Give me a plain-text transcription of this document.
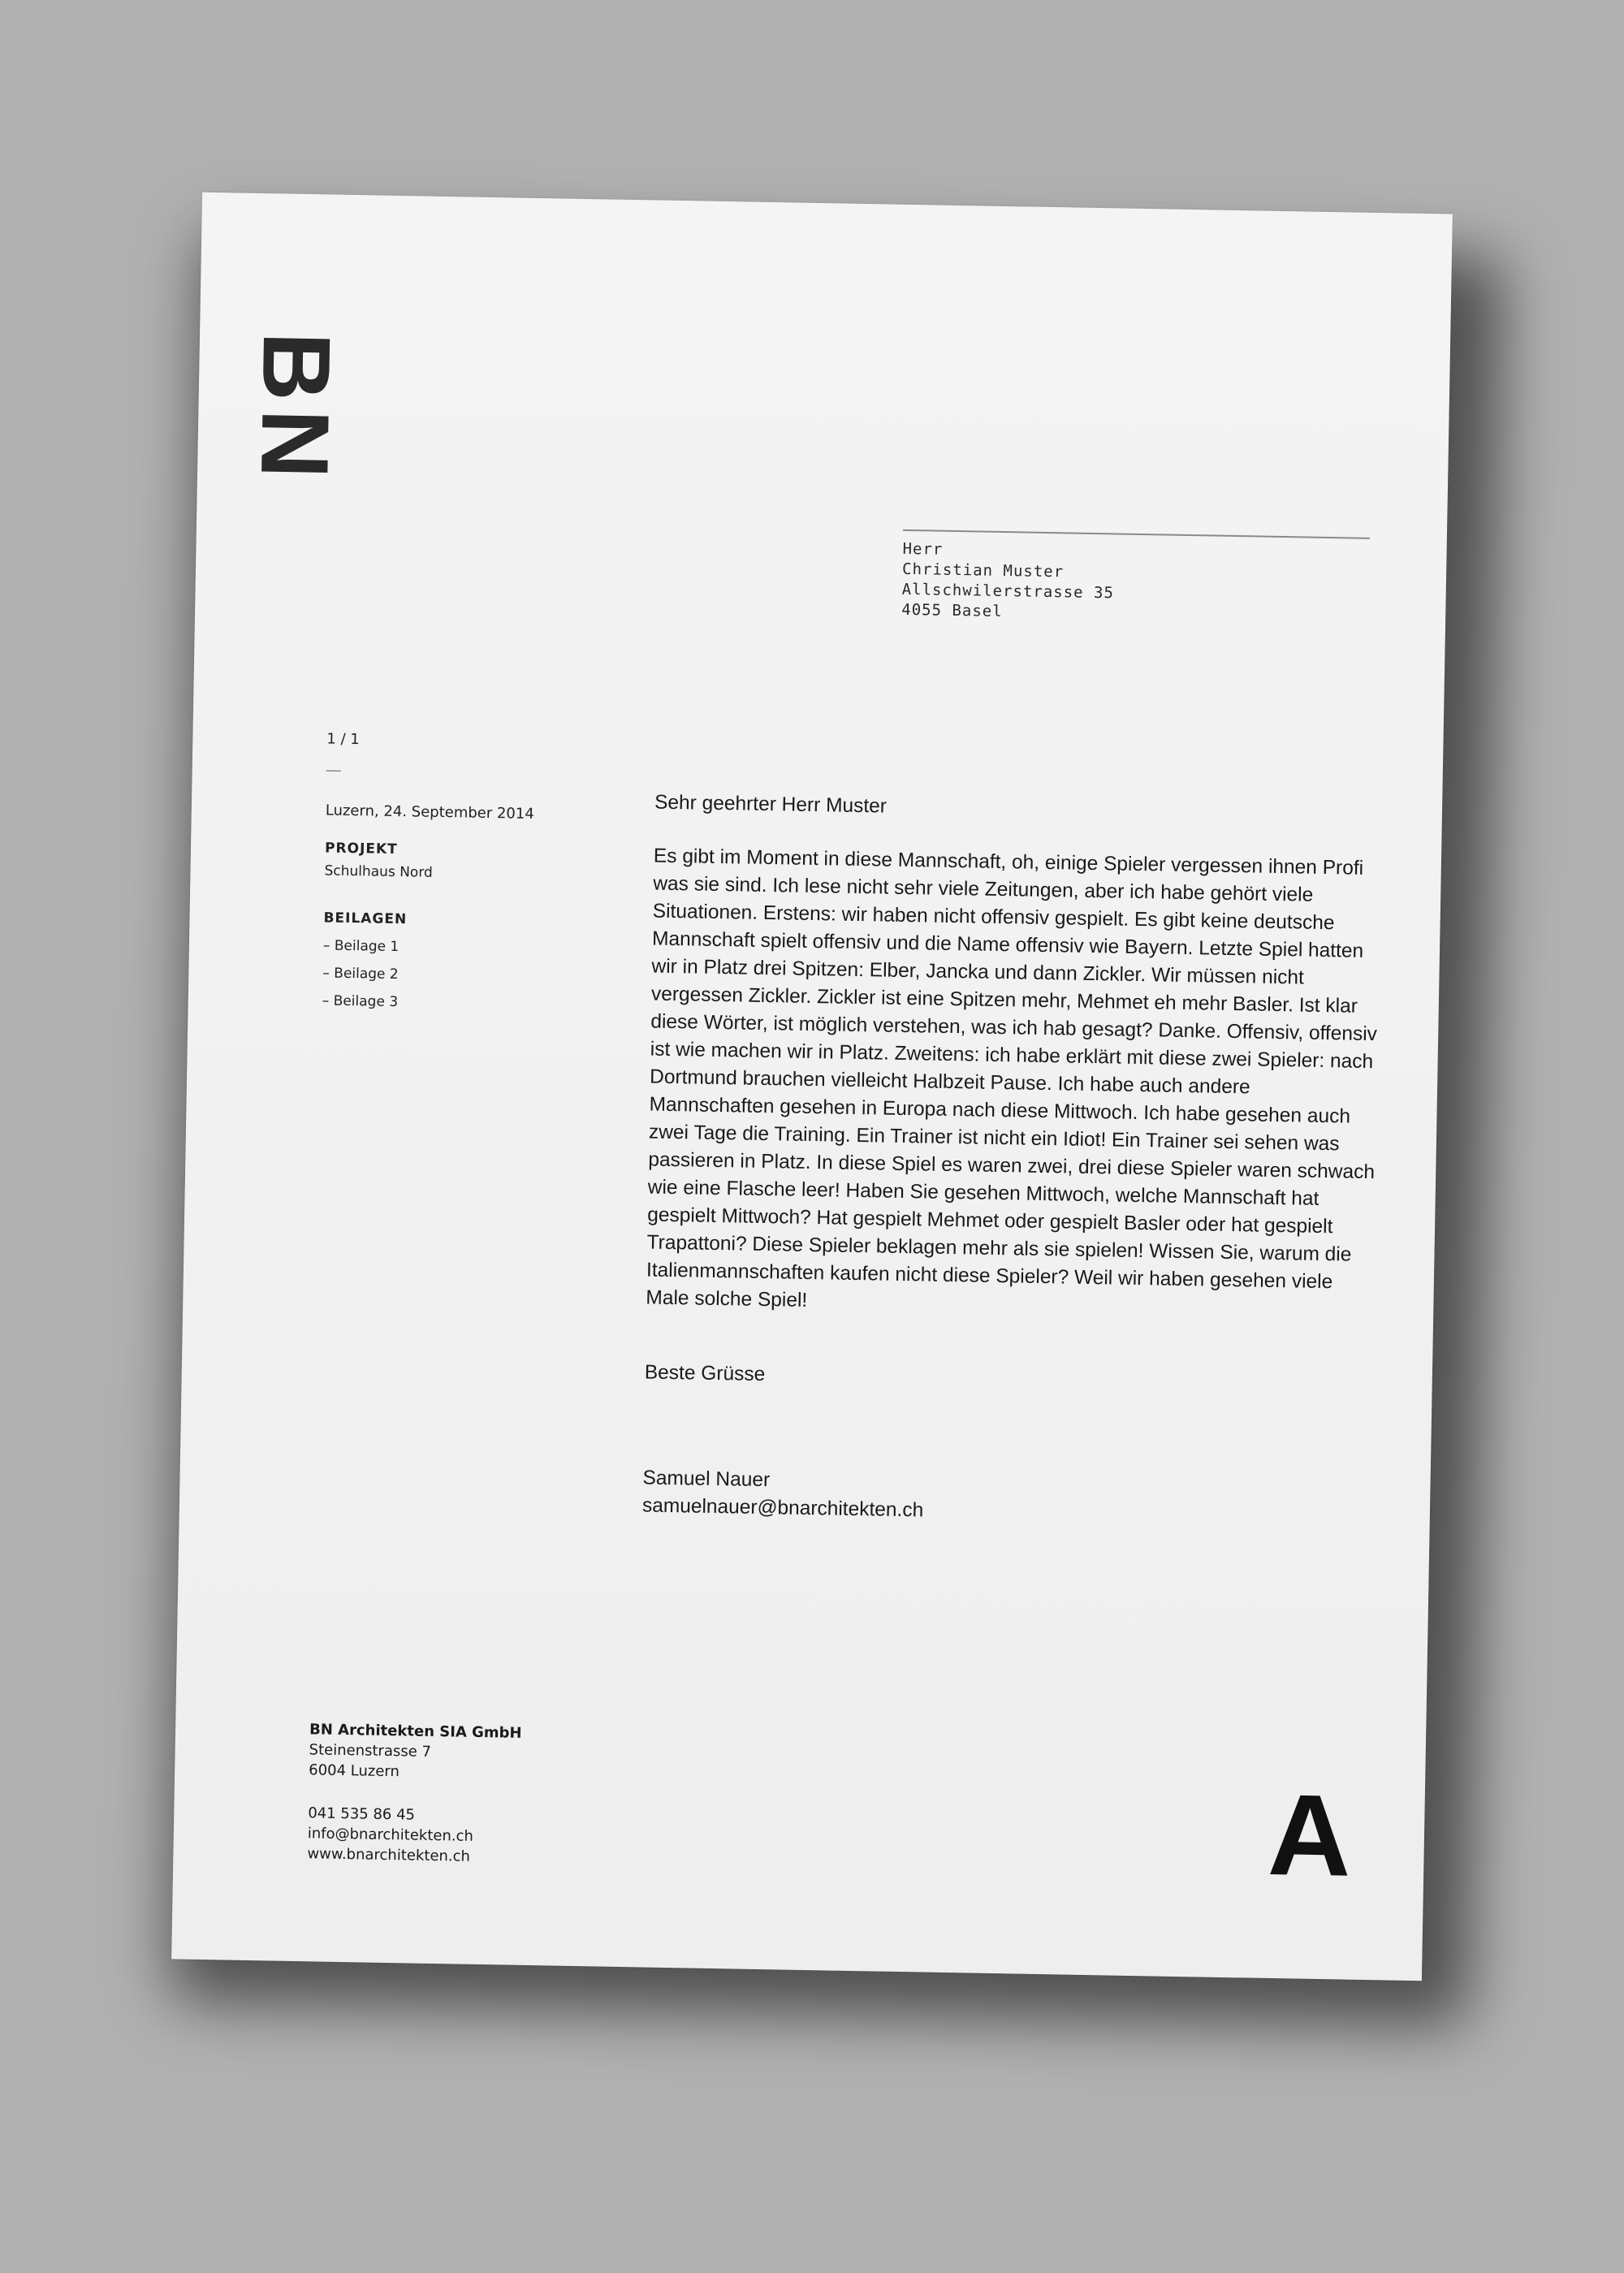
BN
Herr
Christian Muster
Allschwilerstrasse 35
4055 Basel
1 / 1
Luzern, 24. September 2014
PROJEKT
Schulhaus Nord
BEILAGEN
– Beilage 1
– Beilage 2
– Beilage 3
Sehr geehrter Herr Muster
Es gibt im Moment in diese Mannschaft, oh, einige Spieler vergessen ihnen Profi was sie sind. Ich lese nicht sehr viele Zeitungen, aber ich habe gehört viele Situationen. Erstens: wir haben nicht offensiv gespielt. Es gibt keine deutsche Mannschaft spielt offensiv und die Name offensiv wie Bayern. Letzte Spiel hatten wir in Platz drei Spitzen: Elber, Jancka und dann Zickler. Wir müssen nicht vergessen Zickler. Zickler ist eine Spitzen mehr, Mehmet eh mehr Basler. Ist klar diese Wörter, ist möglich verstehen, was ich hab gesagt? Danke. Offensiv, offensiv ist wie machen wir in Platz. Zweitens: ich habe erklärt mit diese zwei Spieler: nach Dortmund brauchen vielleicht Halbzeit Pause. Ich habe auch andere Mannschaften gesehen in Europa nach diese Mittwoch. Ich habe gesehen auch zwei Tage die Training. Ein Trainer ist nicht ein Idiot! Ein Trainer sei sehen was passieren in Platz. In diese Spiel es waren zwei, drei diese Spieler waren schwach wie eine Flasche leer! Haben Sie gesehen Mittwoch, welche Mannschaft hat gespielt Mittwoch? Hat gespielt Mehmet oder gespielt Basler oder hat gespielt Trapattoni? Diese Spieler beklagen mehr als sie spielen! Wissen Sie, warum die Italienmannschaften kaufen nicht diese Spieler? Weil wir haben gesehen viele Male solche Spiel!
Beste Grüsse
Samuel Nauer
samuelnauer@bnarchitekten.ch
BN Architekten SIA GmbH
Steinenstrasse 7
6004 Luzern
041 535 86 45
info@bnarchitekten.ch
www.bnarchitekten.ch	A
